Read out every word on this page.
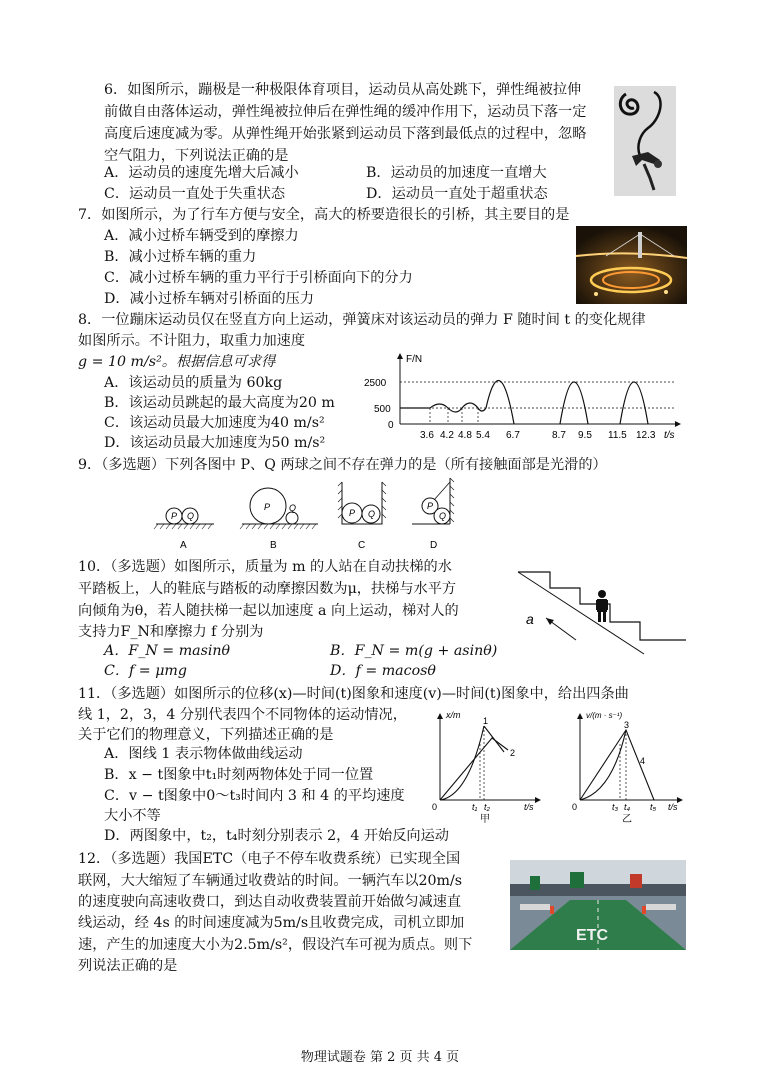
6．如图所示，蹦极是一种极限体育项目，运动员从高处跳下，弹性绳被拉伸
前做自由落体运动，弹性绳被拉伸后在弹性绳的缓冲作用下，运动员下落一定
高度后速度减为零。从弹性绳开始张紧到运动员下落到最低点的过程中，忽略
空气阻力，下列说法正确的是
A．运动员的速度先增大后减小	B．运动员的加速度一直增大
C．运动员一直处于失重状态	D．运动员一直处于超重状态
7．如图所示，为了行车方便与安全，高大的桥要造很长的引桥，其主要目的是
A．减小过桥车辆受到的摩擦力
B．减小过桥车辆的重力
C．减小过桥车辆的重力平行于引桥面向下的分力
D．减小过桥车辆对引桥面的压力
8．一位蹦床运动员仅在竖直方向上运动，弹簧床对该运动员的弹力 F 随时间 t 的变化规律
如图所示。不计阻力，取重力加速度
g = 10 m/s²。根据信息可求得
A．该运动员的质量为 60kg
B．该运动员跳起的最大高度为20 m
C．该运动员最大加速度为40 m/s²
D．该运动员最大加速度为50 m/s²
F/N
2500
500
0
3.6 4.2 4.8 5.4 6.7	8.7 9.5 11.5 12.3 t/s
9．（多选题）下列各图中 P、Q 两球之间不存在弹力的是（所有接触面部是光滑的）
P Q
P Q	P Q
P
Q
A	B	C	D
10．（多选题）如图所示，质量为 m 的人站在自动扶梯的水
平踏板上，人的鞋底与踏板的动摩擦因数为μ，扶梯与水平方
向倾角为θ，若人随扶梯一起以加速度 a 向上运动，梯对人的
支持力F_N和摩擦力 f 分别为
A．F_N = masinθ	B．F_N = m(g + asinθ)
C．f = μmg	D．f = macosθ
a
11．（多选题）如图所示的位移(x)—时间(t)图象和速度(v)—时间(t)图象中，给出四条曲
线 1，2，3，4 分别代表四个不同物体的运动情况，
关于它们的物理意义，下列描述正确的是
A．图线 1 表示物体做曲线运动
B．x − t图象中t₁时刻两物体处于同一位置
C．v − t图象中0～t₃时间内 3 和 4 的平均速度
大小不等
D．两图象中，t₂，t₄时刻分别表示 2，4 开始反向运动
x/m
0
1
2
t₁ t₂	t/s
甲
v/(m · s⁻¹)
0
3
4
t₃ t₄ t₅ t/s
乙
12．（多选题）我国ETC（电子不停车收费系统）已实现全国
联网，大大缩短了车辆通过收费站的时间。一辆汽车以20m/s
的速度驶向高速收费口，到达自动收费装置前开始做匀减速直
线运动，经 4s 的时间速度减为5m/s且收费完成，司机立即加
速，产生的加速度大小为2.5m/s²，假设汽车可视为质点。则下
列说法正确的是
ETC
物理试题卷 第 2 页 共 4 页
